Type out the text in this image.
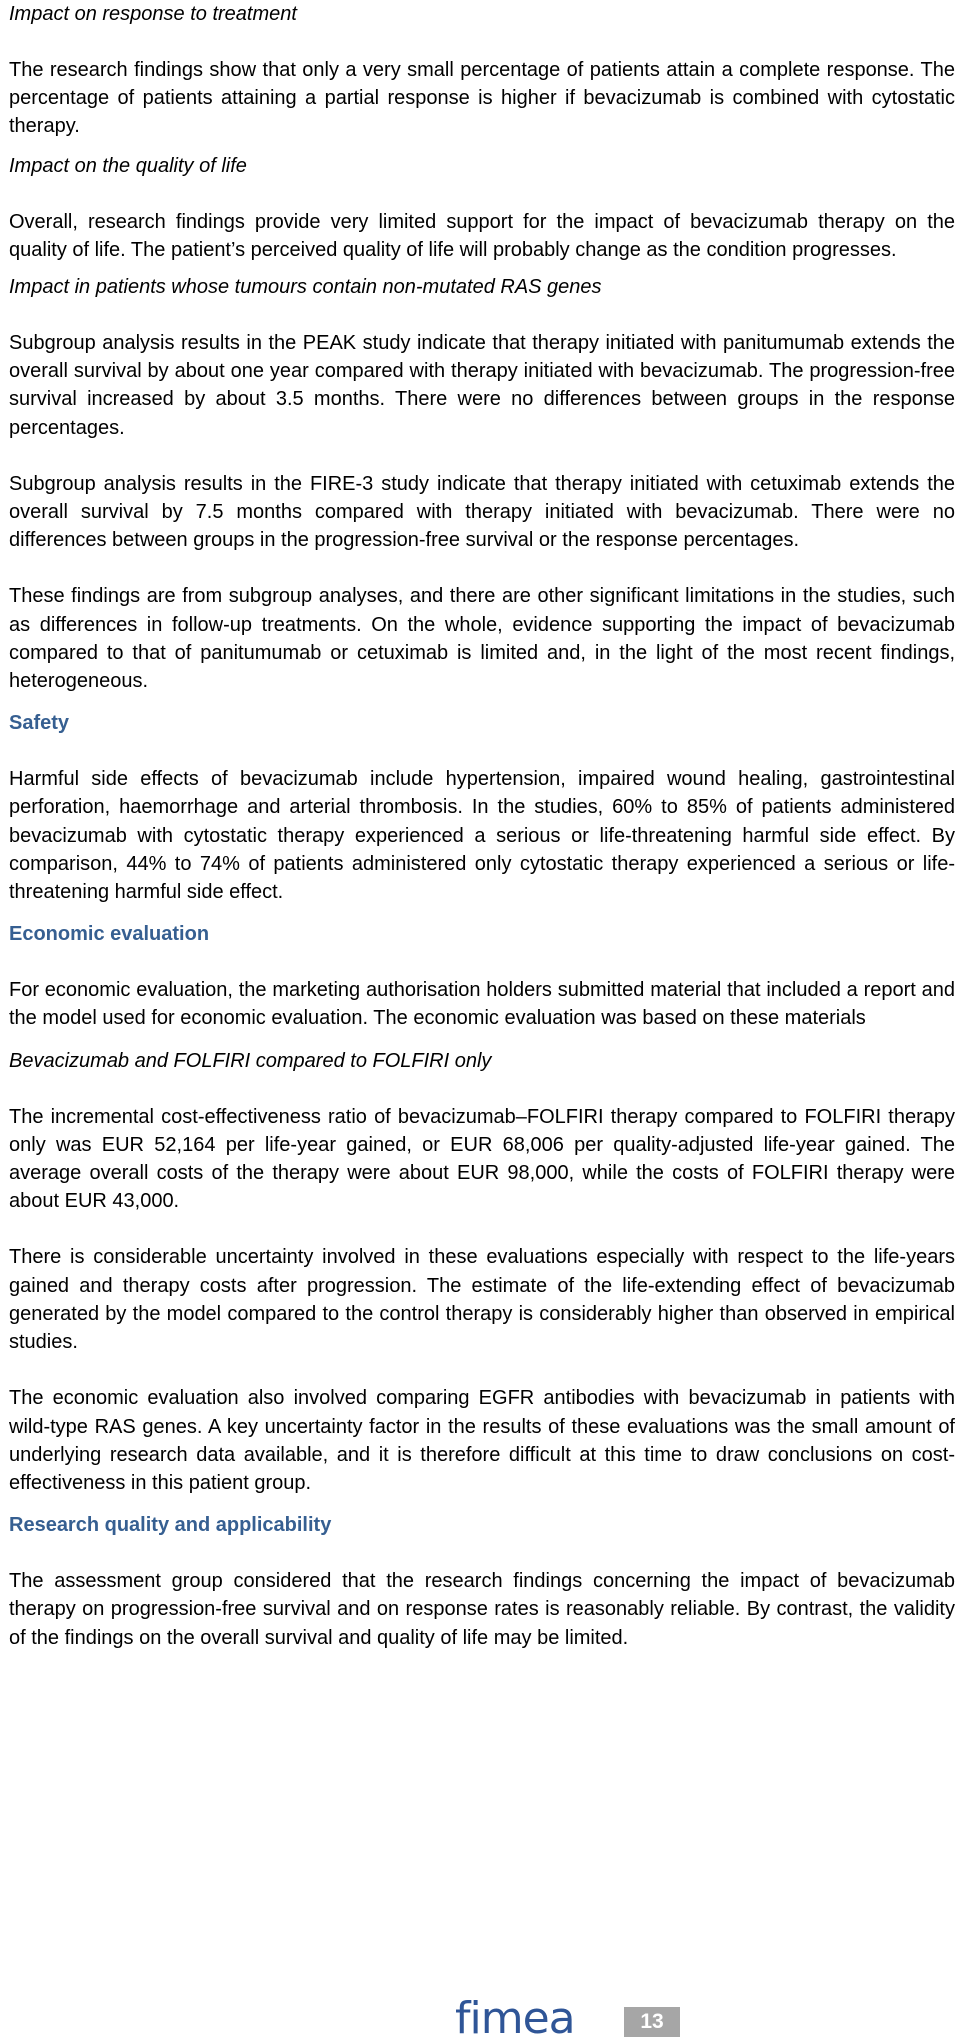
Impact on response to treatment

The research findings show that only a very small percentage of patients attain a complete response. The percentage of patients attaining a partial response is higher if bevacizumab is combined with cytostatic therapy.

Impact on the quality of life

Overall, research findings provide very limited support for the impact of bevacizumab therapy on the quality of life. The patient’s perceived quality of life will probably change as the condition progresses.

Impact in patients whose tumours contain non-mutated RAS genes

Subgroup analysis results in the PEAK study indicate that therapy initiated with panitumumab extends the overall survival by about one year compared with therapy initiated with bevacizumab. The progression-free survival increased by about 3.5 months. There were no differences between groups in the response percentages.

Subgroup analysis results in the FIRE-3 study indicate that therapy initiated with cetuximab extends the overall survival by 7.5 months compared with therapy initiated with bevacizumab. There were no differences between groups in the progression-free survival or the response percentages.

These findings are from subgroup analyses, and there are other significant limitations in the studies, such as differences in follow-up treatments. On the whole, evidence supporting the impact of bevacizumab compared to that of panitumumab or cetuximab is limited and, in the light of the most recent findings, heterogeneous.

Safety

Harmful side effects of bevacizumab include hypertension, impaired wound healing, gastrointestinal perforation, haemorrhage and arterial thrombosis. In the studies, 60% to 85% of patients administered bevacizumab with cytostatic therapy experienced a serious or life-threatening harmful side effect. By comparison, 44% to 74% of patients administered only cytostatic therapy experienced a serious or life-threatening harmful side effect.

Economic evaluation

For economic evaluation, the marketing authorisation holders submitted material that included a report and the model used for economic evaluation. The economic evaluation was based on these materials

Bevacizumab and FOLFIRI compared to FOLFIRI only

The incremental cost-effectiveness ratio of bevacizumab–FOLFIRI therapy compared to FOLFIRI therapy only was EUR 52,164 per life-year gained, or EUR 68,006 per quality-adjusted life-year gained. The average overall costs of the therapy were about EUR 98,000, while the costs of FOLFIRI therapy were about EUR 43,000.

There is considerable uncertainty involved in these evaluations especially with respect to the life-years gained and therapy costs after progression. The estimate of the life-extending effect of bevacizumab generated by the model compared to the control therapy is considerably higher than observed in empirical studies.

The economic evaluation also involved comparing EGFR antibodies with bevacizumab in patients with wild-type RAS genes. A key uncertainty factor in the results of these evaluations was the small amount of underlying research data available, and it is therefore difficult at this time to draw conclusions on cost-effectiveness in this patient group.

Research quality and applicability

The assessment group considered that the research findings concerning the impact of bevacizumab therapy on progression-free survival and on response rates is reasonably reliable. By contrast, the validity of the findings on the overall survival and quality of life may be limited.

fimea	13
